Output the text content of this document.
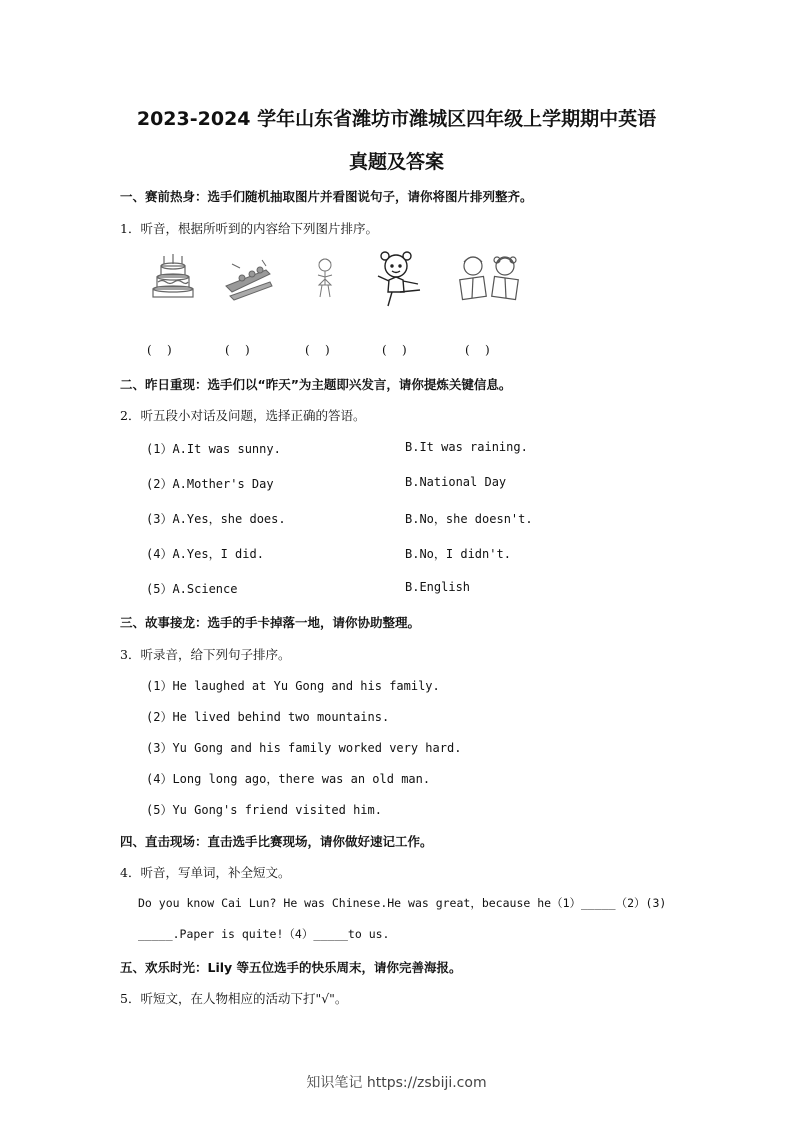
2023-2024 学年山东省潍坊市潍城区四年级上学期期中英语
真题及答案
一、赛前热身：选手们随机抽取图片并看图说句子，请你将图片排列整齐。
1．听音，根据所听到的内容给下列图片排序。
(    )	(    )	(    )	(    )	(    )
二、昨日重现：选手们以“昨天”为主题即兴发言，请你提炼关键信息。
2．听五段小对话及问题，选择正确的答语。
(1）A.It was sunny.	B.It was raining.
(2）A.Mother's Day	B.National Day
(3）A.Yes，she does.	B.No，she doesn't.
(4）A.Yes，I did.	B.No，I didn't.
(5）A.Science	B.English
三、故事接龙：选手的手卡掉落一地，请你协助整理。
3．听录音，给下列句子排序。
(1）He laughed at Yu Gong and his family.
(2）He lived behind two mountains.
(3）Yu Gong and his family worked very hard.
(4）Long long ago，there was an old man.
(5）Yu Gong's friend visited him.
四、直击现场：直击选手比赛现场，请你做好速记工作。
4．听音，写单词，补全短文。
Do you know Cai Lun? He was Chinese.He was great，because he（1）_____（2）(3)
_____.Paper is quite!（4）_____to us.
五、欢乐时光：Lily 等五位选手的快乐周末，请你完善海报。
5．听短文，在人物相应的活动下打"√"。
知识笔记 https://zsbiji.com
